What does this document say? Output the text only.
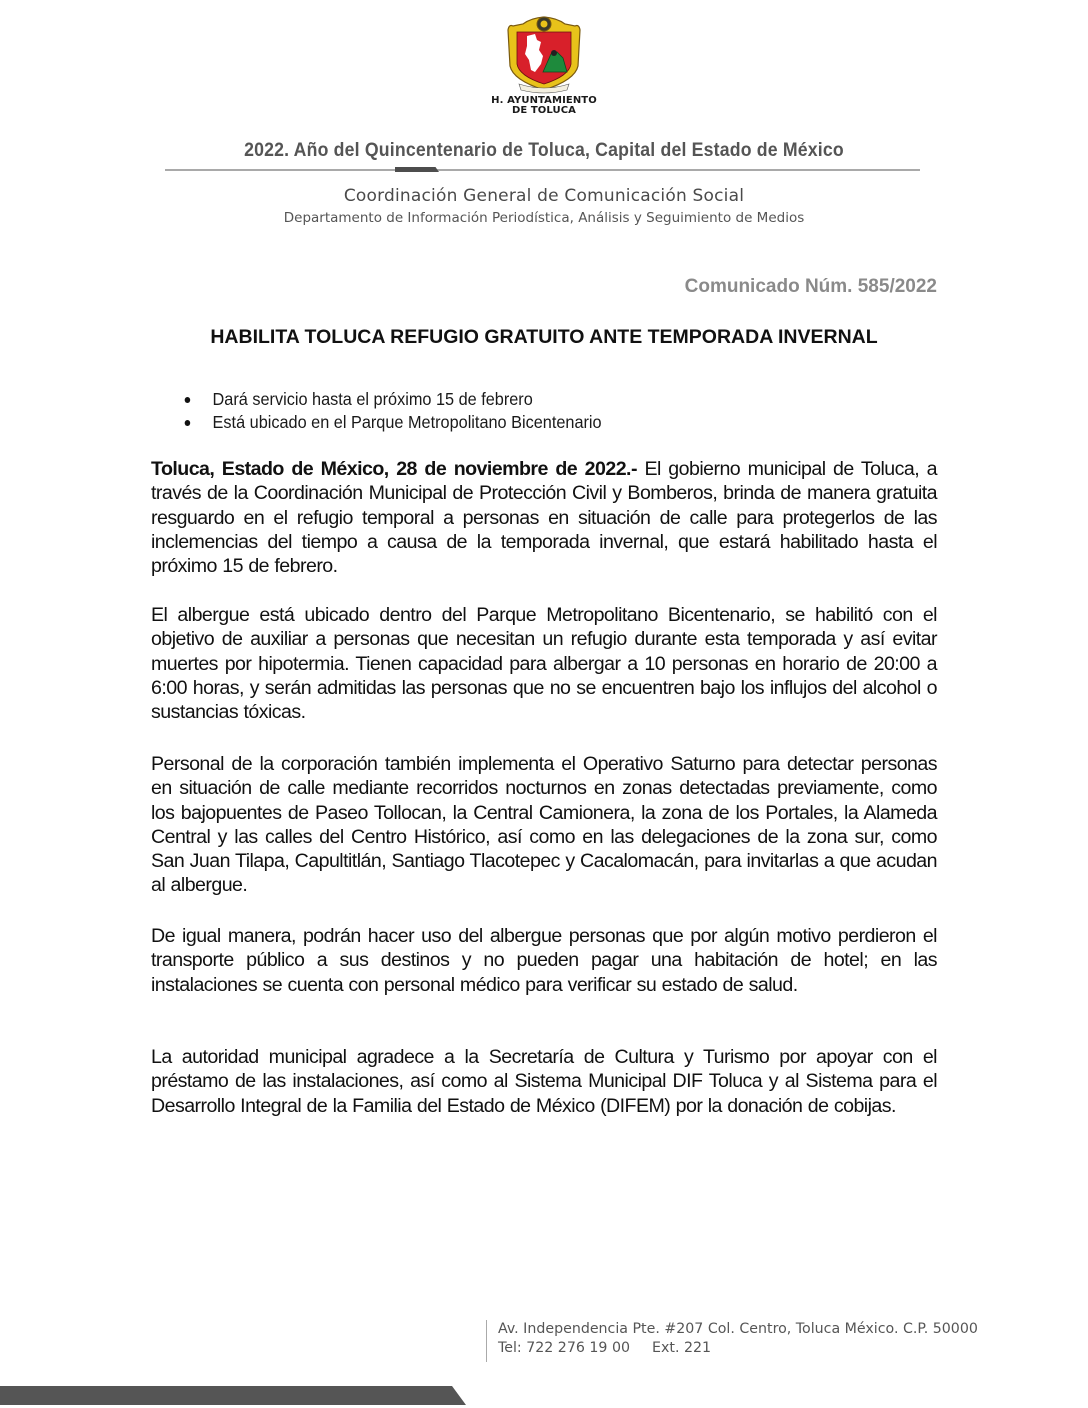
H. AYUNTAMIENTO
DE TOLUCA
2022. Año del Quincentenario de Toluca, Capital del Estado de México
Coordinación General de Comunicación Social
Departamento de Información Periodística, Análisis y Seguimiento de Medios
Comunicado Núm. 585/2022
HABILITA TOLUCA REFUGIO GRATUITO ANTE TEMPORADA INVERNAL
Dará servicio hasta el próximo 15 de febrero
Está ubicado en el Parque Metropolitano Bicentenario

Toluca, Estado de México, 28 de noviembre de 2022.- El gobierno municipal de Toluca, a través de la Coordinación Municipal de Protección Civil y Bomberos, brinda de manera gratuita resguardo en el refugio temporal a personas en situación de calle para protegerlos de las inclemencias del tiempo a causa de la temporada invernal, que estará habilitado hasta el próximo 15 de febrero.

El albergue está ubicado dentro del Parque Metropolitano Bicentenario, se habilitó con el objetivo de auxiliar a personas que necesitan un refugio durante esta temporada y así evitar muertes por hipotermia. Tienen capacidad para albergar a 10 personas en horario de 20:00 a 6:00 horas, y serán admitidas las personas que no se encuentren bajo los influjos del alcohol o sustancias tóxicas.

Personal de la corporación también implementa el Operativo Saturno para detectar personas en situación de calle mediante recorridos nocturnos en zonas detectadas previamente, como los bajopuentes de Paseo Tollocan, la Central Camionera, la zona de los Portales, la Alameda Central y las calles del Centro Histórico, así como en las delegaciones de la zona sur, como San Juan Tilapa, Capultitlán, Santiago Tlacotepec y Cacalomacán, para invitarlas a que acudan al albergue.

De igual manera, podrán hacer uso del albergue personas que por algún motivo perdieron el transporte público a sus destinos y no pueden pagar una habitación de hotel; en las instalaciones se cuenta con personal médico para verificar su estado de salud.

La autoridad municipal agradece a la Secretaría de Cultura y Turismo por apoyar con el préstamo de las instalaciones, así como al Sistema Municipal DIF Toluca y al Sistema para el Desarrollo Integral de la Familia del Estado de México (DIFEM) por la donación de cobijas.

Av. Independencia Pte. #207 Col. Centro, Toluca México. C.P. 50000
Tel: 722 276 19 00 Ext. 221
